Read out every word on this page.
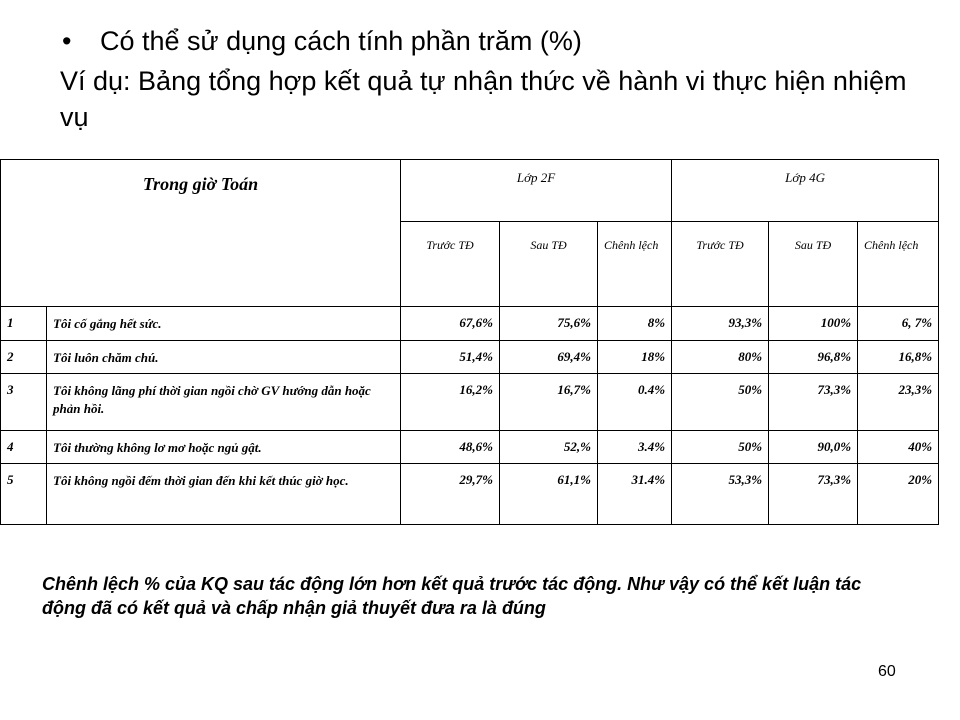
• Có thể sử dụng cách tính phần trăm (%)
Ví dụ: Bảng tổng hợp kết quả tự nhận thức về hành vi thực hiện nhiệm vụ
Trong giờ Toán		Lớp 2F			Lớp 4G		
		Trước TĐ	Sau TĐ	Chênh lệch	Trước TĐ	Sau TĐ	Chênh lệch
1	Tôi cố gắng hết sức.	67,6%	75,6%	8%	93,3%	100%	6, 7%
2	Tôi luôn chăm chú.	51,4%	69,4%	18%	80%	96,8%	16,8%
3	Tôi không lãng phí thời gian ngồi chờ GV hướng dẫn hoặc phản hồi.	16,2%	16,7%	0.4%	50%	73,3%	23,3%
4	Tôi thường không lơ mơ hoặc ngủ gật.	48,6%	52,%	3.4%	50%	90,0%	40%
5	Tôi không ngồi đếm thời gian đến khi kết thúc giờ học.	29,7%	61,1%	31.4%	53,3%	73,3%	20%
Chênh lệch % của KQ sau tác động lớn hơn kết quả trước tác động. Như vậy có thể kết luận tác động đã có kết quả và chấp nhận giả thuyết đưa ra là đúng
60
